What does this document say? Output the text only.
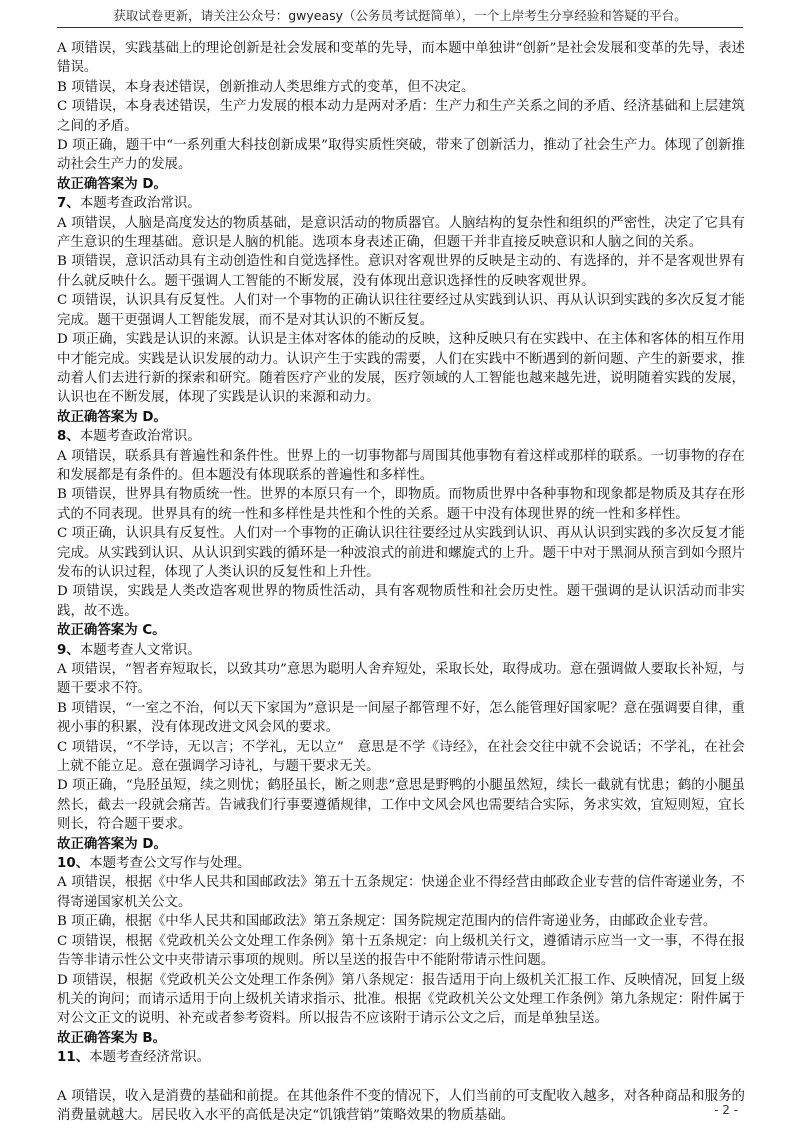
获取试卷更新，请关注公众号：gwyeasy（公务员考试挺简单），一个上岸考生分享经验和答疑的平台。

A 项错误，实践基础上的理论创新是社会发展和变革的先导，而本题中单独讲“创新”是社会发展和变革的先导，表述错误。

B 项错误，本身表述错误，创新推动人类思维方式的变革，但不决定。

C 项错误，本身表述错误，生产力发展的根本动力是两对矛盾：生产力和生产关系之间的矛盾、经济基础和上层建筑之间的矛盾。

D 项正确，题干中“一系列重大科技创新成果”取得实质性突破，带来了创新活力，推动了社会生产力。体现了创新推动社会生产力的发展。

故正确答案为 D。

7、本题考查政治常识。

A 项错误，人脑是高度发达的物质基础，是意识活动的物质器官。人脑结构的复杂性和组织的严密性，决定了它具有产生意识的生理基础。意识是人脑的机能。选项本身表述正确，但题干并非直接反映意识和人脑之间的关系。

B 项错误，意识活动具有主动创造性和自觉选择性。意识对客观世界的反映是主动的、有选择的，并不是客观世界有什么就反映什么。题干强调人工智能的不断发展，没有体现出意识选择性的反映客观世界。

C 项错误，认识具有反复性。人们对一个事物的正确认识往往要经过从实践到认识、再从认识到实践的多次反复才能完成。题干更强调人工智能发展，而不是对其认识的不断反复。

D 项正确，实践是认识的来源。认识是主体对客体的能动的反映，这种反映只有在实践中、在主体和客体的相互作用中才能完成。实践是认识发展的动力。认识产生于实践的需要，人们在实践中不断遇到的新问题、产生的新要求，推动着人们去进行新的探索和研究。随着医疗产业的发展，医疗领域的人工智能也越来越先进，说明随着实践的发展，认识也在不断发展，体现了实践是认识的来源和动力。

故正确答案为 D。

8、本题考查政治常识。

A 项错误，联系具有普遍性和条件性。世界上的一切事物都与周围其他事物有着这样或那样的联系。一切事物的存在和发展都是有条件的。但本题没有体现联系的普遍性和多样性。

B 项错误，世界具有物质统一性。世界的本原只有一个，即物质。而物质世界中各种事物和现象都是物质及其存在形式的不同表现。世界具有的统一性和多样性是共性和个性的关系。题干中没有体现世界的统一性和多样性。

C 项正确，认识具有反复性。人们对一个事物的正确认识往往要经过从实践到认识、再从认识到实践的多次反复才能完成。从实践到认识、从认识到实践的循环是一种波浪式的前进和螺旋式的上升。题干中对于黑洞从预言到如今照片发布的认识过程，体现了人类认识的反复性和上升性。

D 项错误，实践是人类改造客观世界的物质性活动，具有客观物质性和社会历史性。题干强调的是认识活动而非实践，故不选。

故正确答案为 C。

9、本题考查人文常识。

A 项错误，“智者弃短取长，以致其功”意思为聪明人舍弃短处，采取长处，取得成功。意在强调做人要取长补短，与题干要求不符。

B 项错误，“一室之不治，何以天下家国为”意识是一间屋子都管理不好，怎么能管理好国家呢？意在强调要自律，重视小事的积累，没有体现改进文风会风的要求。

C 项错误，“不学诗，无以言；不学礼，无以立”　意思是不学《诗经》，在社会交往中就不会说话；不学礼，在社会上就不能立足。意在强调学习诗礼，与题干要求无关。

D 项正确，“凫胫虽短，续之则忧；鹤胫虽长，断之则悲”意思是野鸭的小腿虽然短，续长一截就有忧患；鹤的小腿虽然长，截去一段就会痛苦。告诫我们行事要遵循规律，工作中文风会风也需要结合实际，务求实效，宜短则短，宜长则长，符合题干要求。

故正确答案为 D。

10、本题考查公文写作与处理。

A 项错误，根据《中华人民共和国邮政法》第五十五条规定：快递企业不得经营由邮政企业专营的信件寄递业务，不得寄递国家机关公文。

B 项正确，根据《中华人民共和国邮政法》第五条规定：国务院规定范围内的信件寄递业务，由邮政企业专营。

C 项错误，根据《党政机关公文处理工作条例》第十五条规定：向上级机关行文，遵循请示应当一文一事，不得在报告等非请示性公文中夹带请示事项的规则。所以呈送的报告中不能附带请示性问题。

D 项错误，根据《党政机关公文处理工作条例》第八条规定：报告适用于向上级机关汇报工作、反映情况，回复上级机关的询问；而请示适用于向上级机关请求指示、批准。根据《党政机关公文处理工作条例》第九条规定：附件属于对公文正文的说明、补充或者参考资料。所以报告不应该附于请示公文之后，而是单独呈送。

故正确答案为 B。

11、本题考查经济常识。

A 项错误，收入是消费的基础和前提。在其他条件不变的情况下，人们当前的可支配收入越多，对各种商品和服务的消费量就越大。居民收入水平的高低是决定“饥饿营销”策略效果的物质基础。	- 2 -
